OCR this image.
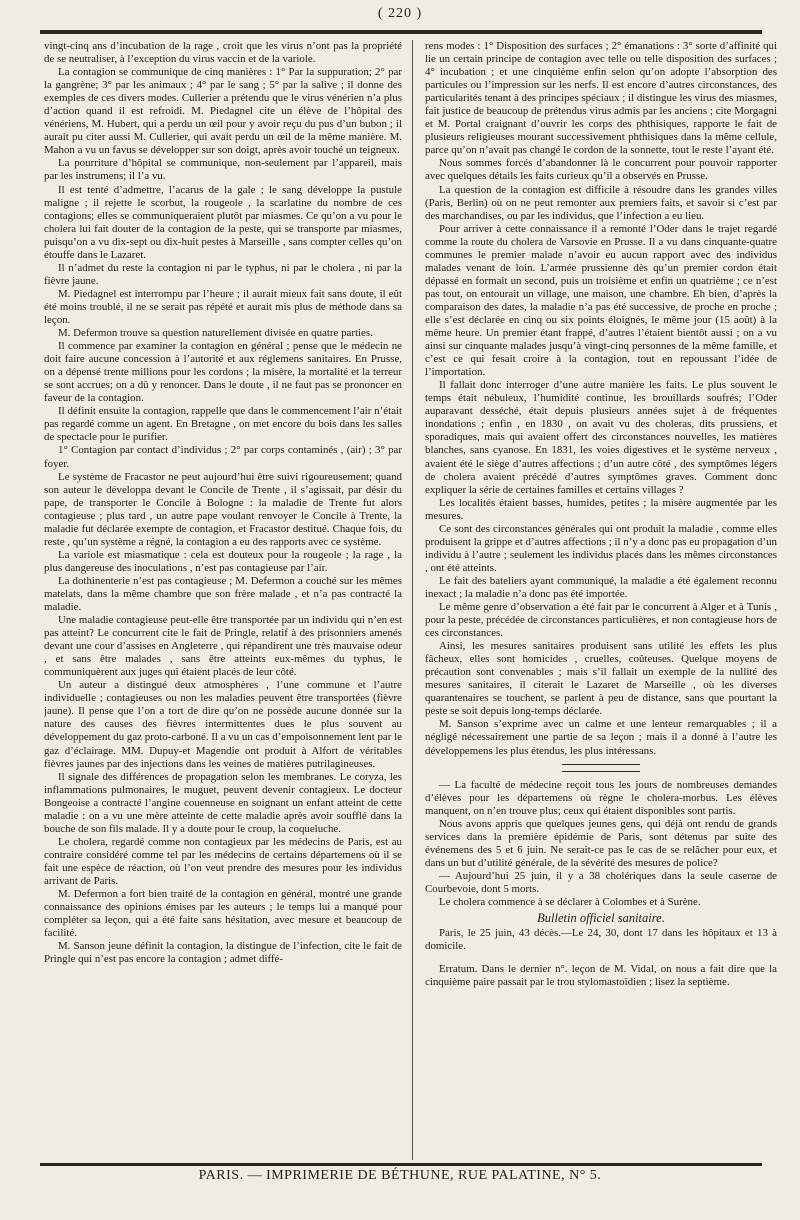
( 220 )

vingt-cinq ans d’incubation de la rage , croit que les virus n’ont pas la propriété de se neutraliser, à l’exception du virus vaccin et de la variole.

La contagion se communique de cinq manières : 1° Par la suppuration; 2° par la gangrène; 3° par les animaux ; 4° par le sang ; 5° par la salive ; il donne des exemples de ces divers modes. Cullerier a prétendu que le virus vénérien n’a plus d’action quand il est refroidi. M. Piedagnel cite un élève de l’hôpital des vénériens, M. Hubert, qui a perdu un œil pour y avoir reçu du pus d’un bubon ; il aurait pu citer aussi M. Cullerier, qui avait perdu un œil de la même manière. M. Mahon a vu un favus se développer sur son doigt, après avoir touché un teigneux.

La pourriture d’hôpital se communique, non-seulement par l’appareil, mais par les instrumens; il l’a vu.

Il est tenté d’admettre, l’acarus de la gale ; le sang développe la pustule maligne ; il rejette le scorbut, la rougeole , la scarlatine du nombre de ces contagions; elles se communiqueraient plutôt par miasmes. Ce qu’on a vu pour le cholera lui fait douter de la contagion de la peste, qui se transporte par miasmes, puisqu’on a vu dix-sept ou dix-huit pestes à Marseille , sans compter celles qu’on étouffe dans le Lazaret.

Il n’admet du reste la contagion ni par le typhus, ni par le cholera , ni par la fièvre jaune.

M. Piedagnel est interrompu par l’heure ; il aurait mieux fait sans doute, il eût été moins troublé, il ne se serait pas répété et aurait mis plus de méthode dans sa leçon.

M. Defermon trouve sa question naturellement divisée en quatre parties.

Il commence par examiner la contagion en général ; pense que le médecin ne doit faire aucune concession à l’autorité et aux réglemens sanitaires. En Prusse, on a dépensé trente millions pour les cordons ; la misère, la mortalité et la terreur se sont accrues; on a dû y renoncer. Dans le doute , il ne faut pas se prononcer en faveur de la contagion.

Il définit ensuite la contagion, rappelle que dans le commencement l’air n’était pas regardé comme un agent. En Bretagne , on met encore du bois dans les salles de spectacle pour le purifier.

1° Contagion par contact d’individus ; 2° par corps contaminés , (air) ; 3° par foyer.

Le système de Fracastor ne peut aujourd’hui être suivi rigoureusement; quand son auteur le développa devant le Concile de Trente , il s’agissait, par désir du pape, de transporter le Concile à Bologne : la maladie de Trente fut alors contagieuse ; plus tard , un autre pape voulant renvoyer le Concile à Trente, la maladie fut déclarée exempte de contagion, et Fracastor destitué. Chaque fois, du reste , qu’un système a régné, la contagion a eu des rapports avec ce système.

La variole est miasmatique : cela est douteux pour la rougeole ; la rage , la plus dangereuse des inoculations , n’est pas contagieuse par l’air.

La dothinenterie n’est pas contagieuse ; M. Defermon a couché sur les mêmes matelats, dans la même chambre que son frère malade , et n’a pas contracté la maladie.

Une maladie contagieuse peut-elle être transportée par un individu qui n’en est pas atteint? Le concurrent cite le fait de Pringle, relatif à des prisonniers amenés devant une cour d’assises en Angleterre , qui répandirent une très mauvaise odeur , et sans être malades , sans être atteints eux-mêmes du typhus, le communiquèrent aux juges qui étaient placés de leur côté.

Un auteur a distingué deux atmosphères , l’une commune et l’autre individuelle ; contagieuses ou non les maladies peuvent être transportées (fièvre jaune). Il pense que l’on a tort de dire qu’on ne possède aucune donnée sur la nature des causes des fièvres intermittentes dues le plus souvent au développement du gaz proto-carboné. Il a vu un cas d’empoisonnement lent par le gaz d’éclairage. MM. Dupuy-et Magendie ont produit à Alfort de véritables fièvres jaunes par des injections dans les veines de matières putrilagineuses.

Il signale des différences de propagation selon les membranes. Le coryza, les inflammations pulmonaires, le muguet, peuvent devenir contagieux. Le docteur Bongeoise a contracté l’angine couenneuse en soignant un enfant atteint de cette maladie : on a vu une mère atteinte de cette maladie après avoir soufflé dans la bouche de son fils malade. Il y a doute pour le croup, la coqueluche.

Le cholera, regardé comme non contagieux par les médecins de Paris, est au contraire considéré comme tel par les médecins de certains départemens où il se fait une espèce de réaction, où l’on veut prendre des mesures pour les individus arrivant de Paris.

M. Defermon a fort bien traité de la contagion en général, montré une grande connaissance des opinions émises par les auteurs ; le temps lui a manqué pour compléter sa leçon, qui a été faite sans hésitation, avec mesure et beaucoup de facilité.

M. Sanson jeune définit la contagion, la distingue de l’infection, cite le fait de Pringle qui n’est pas encore la contagion ; admet diffé-

rens modes : 1° Disposition des surfaces ; 2° émanations : 3° sorte d’affinité qui lie un certain principe de contagion avec telle ou telle disposition des surfaces ; 4° incubation ; et une cinquième enfin selon qu’on adopte l’absorption des particules ou l’impression sur les nerfs. Il est encore d’autres circonstances, des particularités tenant à des principes spéciaux ; il distingue les virus des miasmes, fait justice de beaucoup de prétendus virus admis par les anciens ; cite Morgagni et M. Portal craignant d’ouvrir les corps des phthisiques, rapporte le fait de plusieurs religieuses mourant successivement phthisiques dans la même cellule, parce qu’on n’avait pas changé le cordon de la sonnette, tout le reste l’ayant été.

Nous sommes forcés d’abandonner là le concurrent pour pouvoir rapporter avec quelques détails les faits curieux qu’il a observés en Prusse.

La question de la contagion est difficile à résoudre dans les grandes villes (Paris, Berlin) où on ne peut remonter aux premiers faits, et savoir si c’est par des marchandises, ou par les individus, que l’infection a eu lieu.

Pour arriver à cette connaissance il a remonté l’Oder dans le trajet regardé comme la route du cholera de Varsovie en Prusse. Il a vu dans cinquante-quatre communes le premier malade n’avoir eu aucun rapport avec des individus malades venant de loin. L’armée prussienne dès qu’un premier cordon était dépassé en formait un second, puis un troisième et enfin un quatrième ; ce n’est pas tout, on entourait un village, une maison, une chambre. Eh bien, d’après la comparaison des dates, la maladie n’a pas été successive, de proche en proche ; elle s’est déclarée en cinq ou six points éloignés, le même jour (15 août) à la même heure. Un premier étant frappé, d’autres l’étaient bientôt aussi ; on a vu ainsi sur cinquante malades jusqu’à vingt-cinq personnes de la même famille, et c’est ce qui fesait croire à la contagion, tout en repoussant l’idée de l’importation.

Il fallait donc interroger d’une autre manière les faits. Le plus souvent le temps était nébuleux, l’humidité continue, les brouillards soufrés; l’Oder auparavant desséché, était depuis plusieurs années sujet à de fréquentes inondations ; enfin , en 1830 , on avait vu des choleras, dits prussiens, et sporadiques, mais qui avaient offert des circonstances nouvelles, les matières blanches, sans cyanose. En 1831, les voies digestives et le système nerveux , avaient été le siège d’autres affections ; d’un autre côté , des symptômes légers de cholera avaient précédé d’autres symptômes graves. Comment donc expliquer la série de certaines familles et certains villages ?

Les localités étaient basses, humides, petites ; la misère augmentée par les mesures.

Ce sont des circonstances générales qui ont produit la maladie , comme elles produisent la grippe et d’autres affections ; il n’y a donc pas eu propagation d’un individu à l’autre ; seulement les individus placés dans les mêmes circonstances , ont été atteints.

Le fait des bateliers ayant communiqué, la maladie a été également reconnu inexact ; la maladie n’a donc pas été importée.

Le même genre d’observation a été fait par le concurrent à Alger et à Tunis , pour la peste, précédée de circonstances particulières, et non contagieuse hors de ces circonstances.

Ainsi, les mesures sanitaires produisent sans utilité les effets les plus fâcheux, elles sont homicides , cruelles, coûteuses. Quelque moyens de précaution sont convenables ; mais s’il fallait un exemple de la nullité des mesures sanitaires, il citerait le Lazaret de Marseille , où les diverses quarantenaires se touchent, se parlent à peu de distance, sans que pourtant la peste se soit depuis long-temps déclarée.

M. Sanson s’exprime avec un calme et une lenteur remarquables ; il a négligé nécessairement une partie de sa leçon ; mais il a donné à l’autre les développemens les plus étendus, les plus intéressans.

— La faculté de médecine reçoit tous les jours de nombreuses demandes d’élèves pour les départemens où règne le cholera-morbus. Les élèves manquent, on n’en trouve plus; ceux qui étaient disponibles sont partis.

Nous avons appris que quelques jeunes gens, qui déjà ont rendu de grands services dans la première épidémie de Paris, sont détenus par suite des événemens des 5 et 6 juin. Ne serait-ce pas le cas de se relâcher pour eux, et dans un but d’utilité générale, de la sévérité des mesures de police?

— Aujourd’hui 25 juin, il y a 38 cholériques dans la seule caserne de Courbevoie, dont 5 morts.

Le cholera commence à se déclarer à Colombes et à Surène.

Bulletin officiel sanitaire.

Paris, le 25 juin, 43 décès.—Le 24, 30, dont 17 dans les hôpitaux et 13 à domicile.

Erratum. Dans le dernier n°. leçon de M. Vidal, on nous a fait dire que la cinquième paire passait par le trou stylomastoïdien ; lisez la septième.

PARIS. — IMPRIMERIE DE BÉTHUNE, RUE PALATINE, N° 5.
